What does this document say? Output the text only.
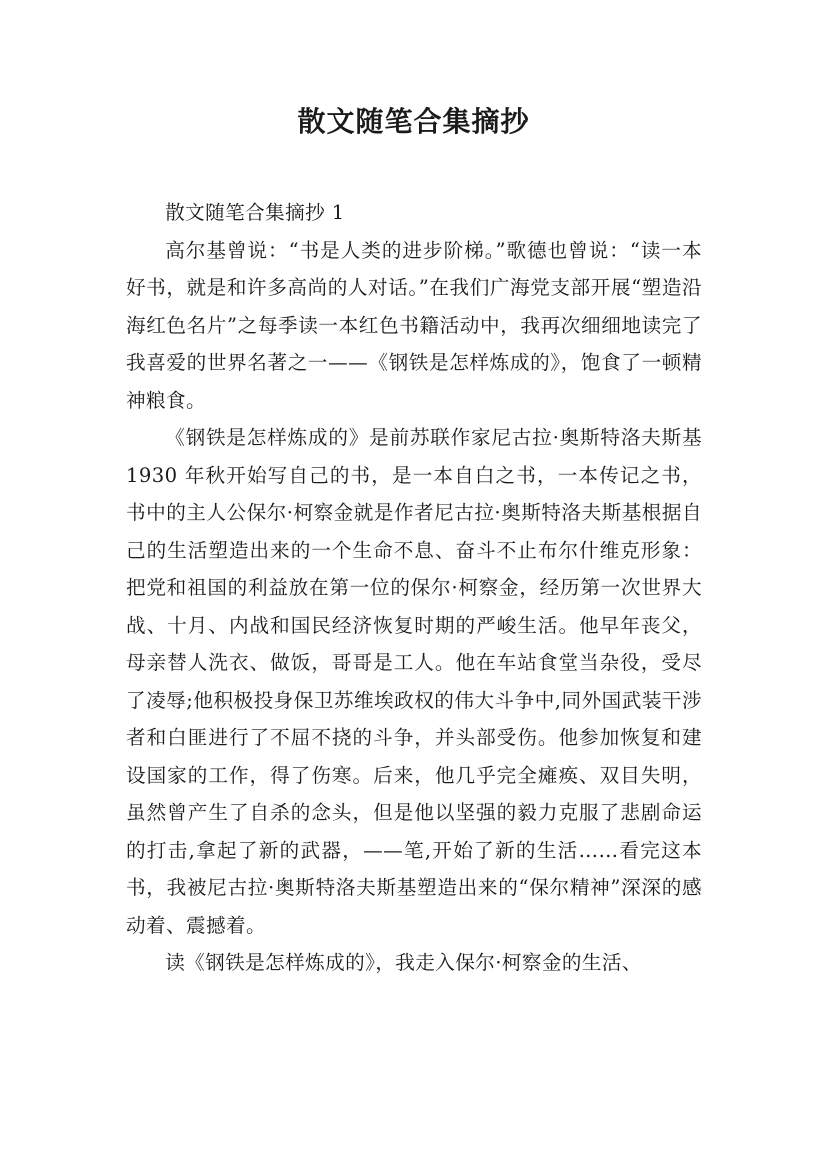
散文随笔合集摘抄

散文随笔合集摘抄 1

高尔基曾说：“书是人类的进步阶梯。”歌德也曾说：“读一本好书，就是和许多高尚的人对话。”在我们广海党支部开展“塑造沿海红色名片”之每季读一本红色书籍活动中，我再次细细地读完了我喜爱的世界名著之一——《钢铁是怎样炼成的》，饱食了一顿精神粮食。

《钢铁是怎样炼成的》是前苏联作家尼古拉·奥斯特洛夫斯基 1930 年秋开始写自己的书，是一本自白之书，一本传记之书，书中的主人公保尔·柯察金就是作者尼古拉·奥斯特洛夫斯基根据自己的生活塑造出来的一个生命不息、奋斗不止布尔什维克形象：把党和祖国的利益放在第一位的保尔·柯察金，经历第一次世界大战、十月、内战和国民经济恢复时期的严峻生活。他早年丧父，母亲替人洗衣、做饭，哥哥是工人。他在车站食堂当杂役，受尽了凌辱;他积极投身保卫苏维埃政权的伟大斗争中,同外国武装干涉者和白匪进行了不屈不挠的斗争，并头部受伤。他参加恢复和建设国家的工作，得了伤寒。后来，他几乎完全瘫痪、双目失明，虽然曾产生了自杀的念头，但是他以坚强的毅力克服了悲剧命运的打击,拿起了新的武器，——笔,开始了新的生活……看完这本书，我被尼古拉·奥斯特洛夫斯基塑造出来的“保尔精神”深深的感动着、震撼着。

读《钢铁是怎样炼成的》，我走入保尔·柯察金的生活、
